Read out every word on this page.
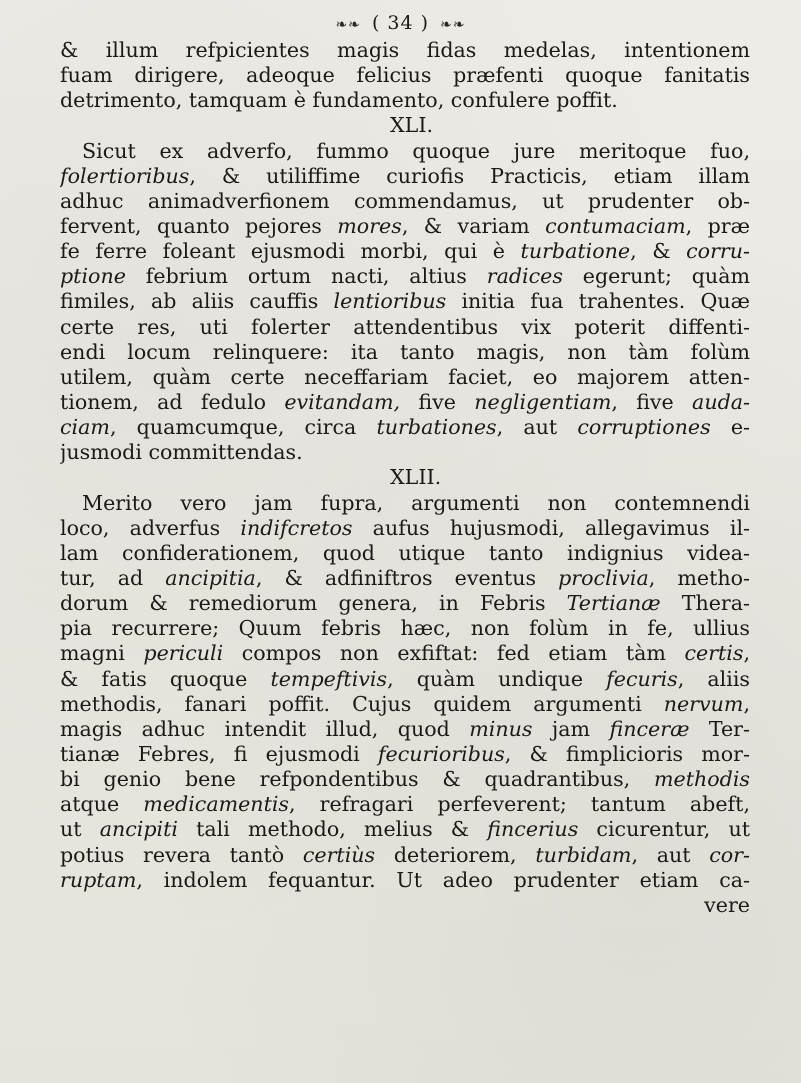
❧❧ ( 34 ) ❧❧
& illum refpicientes magis fidas medelas, intentionem
fuam dirigere, adeoque felicius præfenti quoque fanitatis
detrimento, tamquam è fundamento, confulere poffit.
XLI.
Sicut ex adverfo, fummo quoque jure meritoque fuo,
folertioribus, & utiliffime curiofis Practicis, etiam illam
adhuc animadverfionem commendamus, ut prudenter ob-
fervent, quanto pejores mores, & variam contumaciam, præ
fe ferre foleant ejusmodi morbi, qui è turbatione, & corru-
ptione febrium ortum nacti, altius radices egerunt; quàm
fimiles, ab aliis cauffis lentioribus initia fua trahentes. Quæ
certe res, uti folerter attendentibus vix poterit diffenti-
endi locum relinquere: ita tanto magis, non tàm folùm
utilem, quàm certe neceffariam faciet, eo majorem atten-
tionem, ad fedulo evitandam, five negligentiam, five auda-
ciam, quamcumque, circa turbationes, aut corruptiones e-
jusmodi committendas.
XLII.
Merito vero jam fupra, argumenti non contemnendi
loco, adverfus indifcretos aufus hujusmodi, allegavimus il-
lam confiderationem, quod utique tanto indignius videa-
tur, ad ancipitia, & adfiniftros eventus proclivia, metho-
dorum & remediorum genera, in Febris Tertianæ Thera-
pia recurrere; Quum febris hæc, non folùm in fe, ullius
magni periculi compos non exfiftat: fed etiam tàm certis,
& fatis quoque tempeftivis, quàm undique fecuris, aliis
methodis, fanari poffit. Cujus quidem argumenti nervum,
magis adhuc intendit illud, quod minus jam finceræ Ter-
tianæ Febres, fi ejusmodi fecurioribus, & fimplicioris mor-
bi genio bene refpondentibus & quadrantibus, methodis
atque medicamentis, refragari perfeverent; tantum abeft,
ut ancipiti tali methodo, melius & fincerius cicurentur, ut
potius revera tantò certiùs deteriorem, turbidam, aut cor-
ruptam, indolem fequantur. Ut adeo prudenter etiam ca-
vere
